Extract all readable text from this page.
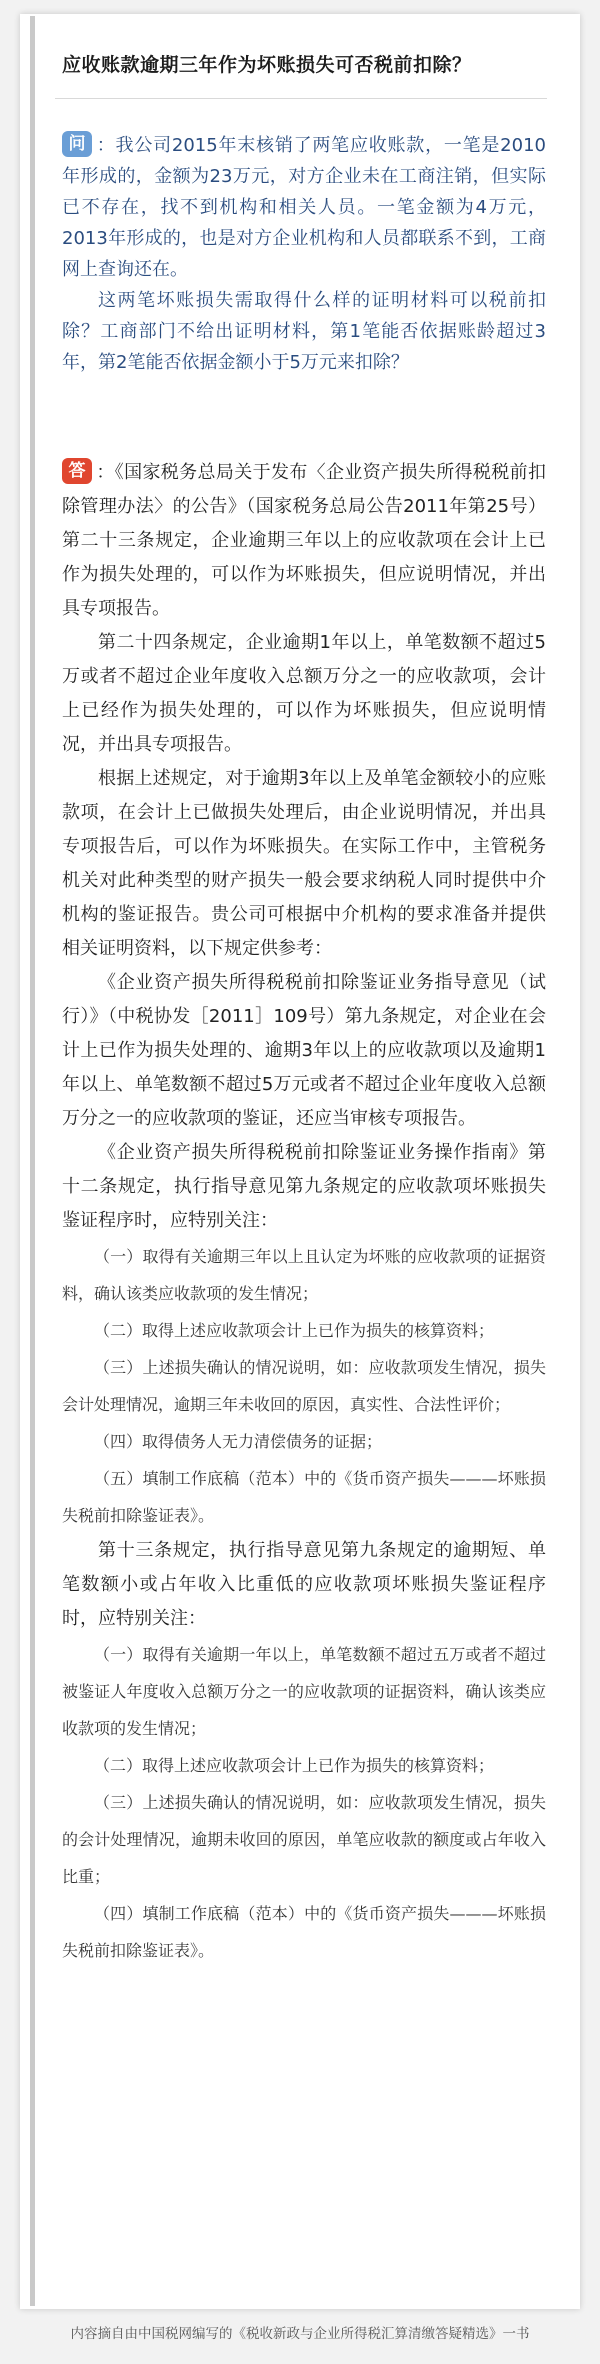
应收账款逾期三年作为坏账损失可否税前扣除？

问 ：我公司2015年末核销了两笔应收账款，一笔是2010年形成的，金额为23万元，对方企业未在工商注销，但实际已不存在，找不到机构和相关人员。一笔金额为4万元，2013年形成的，也是对方企业机构和人员都联系不到，工商网上查询还在。

这两笔坏账损失需取得什么样的证明材料可以税前扣除？工商部门不给出证明材料，第1笔能否依据账龄超过3年，第2笔能否依据金额小于5万元来扣除？

答 ：《国家税务总局关于发布〈企业资产损失所得税税前扣除管理办法〉的公告》（国家税务总局公告2011年第25号）第二十三条规定，企业逾期三年以上的应收款项在会计上已作为损失处理的，可以作为坏账损失，但应说明情况，并出具专项报告。

第二十四条规定，企业逾期1年以上，单笔数额不超过5万或者不超过企业年度收入总额万分之一的应收款项，会计上已经作为损失处理的，可以作为坏账损失，但应说明情况，并出具专项报告。

根据上述规定，对于逾期3年以上及单笔金额较小的应账款项，在会计上已做损失处理后，由企业说明情况，并出具专项报告后，可以作为坏账损失。在实际工作中，主管税务机关对此种类型的财产损失一般会要求纳税人同时提供中介机构的鉴证报告。贵公司可根据中介机构的要求准备并提供相关证明资料，以下规定供参考：

《企业资产损失所得税税前扣除鉴证业务指导意见（试行）》（中税协发［2011］109号）第九条规定，对企业在会计上已作为损失处理的、逾期3年以上的应收款项以及逾期1年以上、单笔数额不超过5万元或者不超过企业年度收入总额万分之一的应收款项的鉴证，还应当审核专项报告。

《企业资产损失所得税税前扣除鉴证业务操作指南》第十二条规定，执行指导意见第九条规定的应收款项坏账损失鉴证程序时，应特别关注：

（一）取得有关逾期三年以上且认定为坏账的应收款项的证据资料，确认该类应收款项的发生情况；

（二）取得上述应收款项会计上已作为损失的核算资料；

（三）上述损失确认的情况说明，如：应收款项发生情况，损失会计处理情况，逾期三年未收回的原因，真实性、合法性评价；

（四）取得债务人无力清偿债务的证据；

（五）填制工作底稿（范本）中的《货币资产损失———坏账损失税前扣除鉴证表》。

第十三条规定，执行指导意见第九条规定的逾期短、单笔数额小或占年收入比重低的应收款项坏账损失鉴证程序时，应特别关注：

（一）取得有关逾期一年以上，单笔数额不超过五万或者不超过被鉴证人年度收入总额万分之一的应收款项的证据资料，确认该类应收款项的发生情况；

（二）取得上述应收款项会计上已作为损失的核算资料；

（三）上述损失确认的情况说明，如：应收款项发生情况，损失的会计处理情况，逾期未收回的原因，单笔应收款的额度或占年收入比重；

（四）填制工作底稿（范本）中的《货币资产损失———坏账损失税前扣除鉴证表》。

内容摘自由中国税网编写的《税收新政与企业所得税汇算清缴答疑精选》一书
